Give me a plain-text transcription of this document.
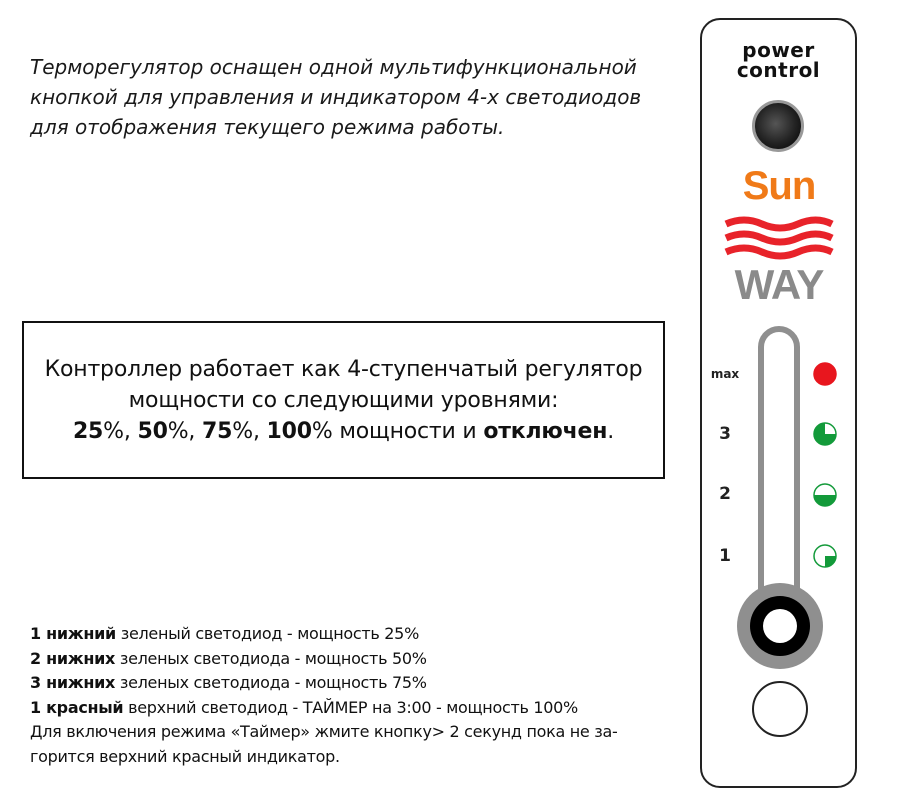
Терморегулятор оснащен одной мультифункциональной
кнопкой для управления и индикатором 4-х светодиодов
для отображения текущего режима работы.
Контроллер работает как 4-ступенчатый регулятор
мощности со следующими уровнями:
25%, 50%, 75%, 100% мощности и отключен.
1 нижний зеленый светодиод - мощность 25%
2 нижних зеленых светодиода - мощность 50%
3 нижних зеленых светодиода - мощность 75%
1 красный верхний светодиод - ТАЙМЕР на 3:00 - мощность 100%
Для включения режима «Таймер» жмите кнопку> 2 секунд пока не за-
горится верхний красный индикатор.
power
control
Sun
WAY
max
3
2
1
